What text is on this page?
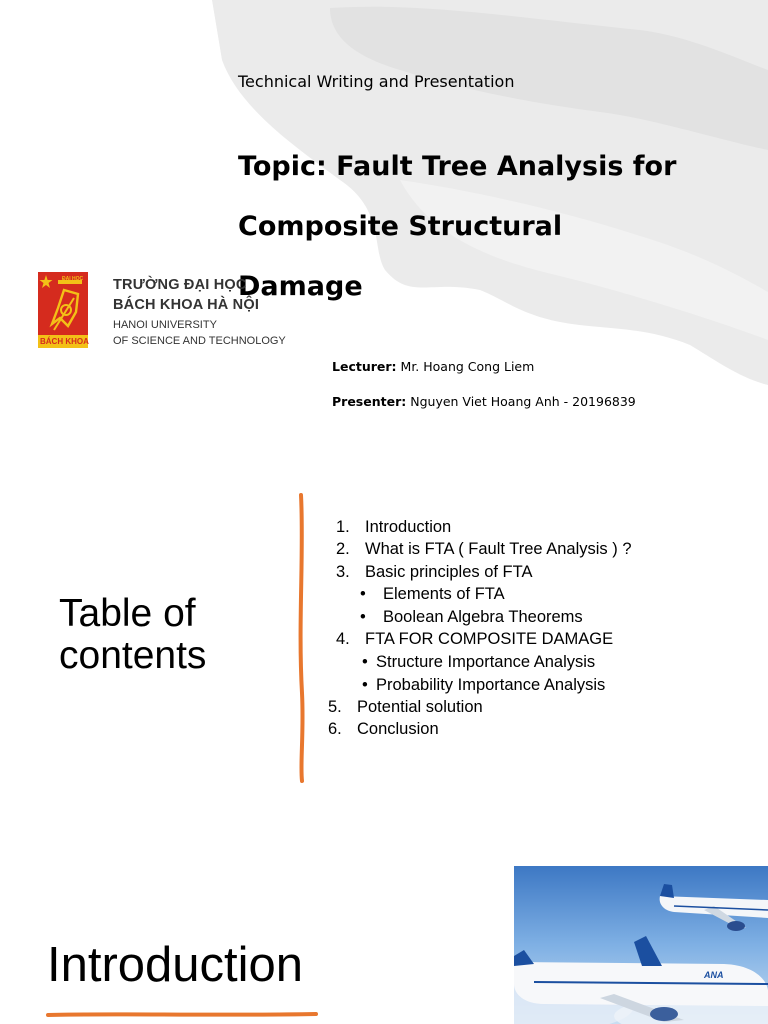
Technical Writing and Presentation
Topic: Fault Tree Analysis for
Composite Structural
Damage
ĐẠI HỌC
BÁCH KHOA
TRƯỜNG ĐẠI HỌC
BÁCH KHOA HÀ NỘI
HANOI UNIVERSITY
OF SCIENCE AND TECHNOLOGY
Lecturer: Mr. Hoang Cong Liem
Presenter: Nguyen Viet Hoang Anh - 20196839
Table of
contents
1. Introduction
2. What is FTA ( Fault Tree Analysis ) ?
3. Basic principles of FTA
• Elements of FTA
• Boolean Algebra Theorems
4. FTA FOR COMPOSITE DAMAGE
• Structure Importance Analysis
• Probability Importance Analysis
5. Potential solution
6. Conclusion
Introduction	ANA
